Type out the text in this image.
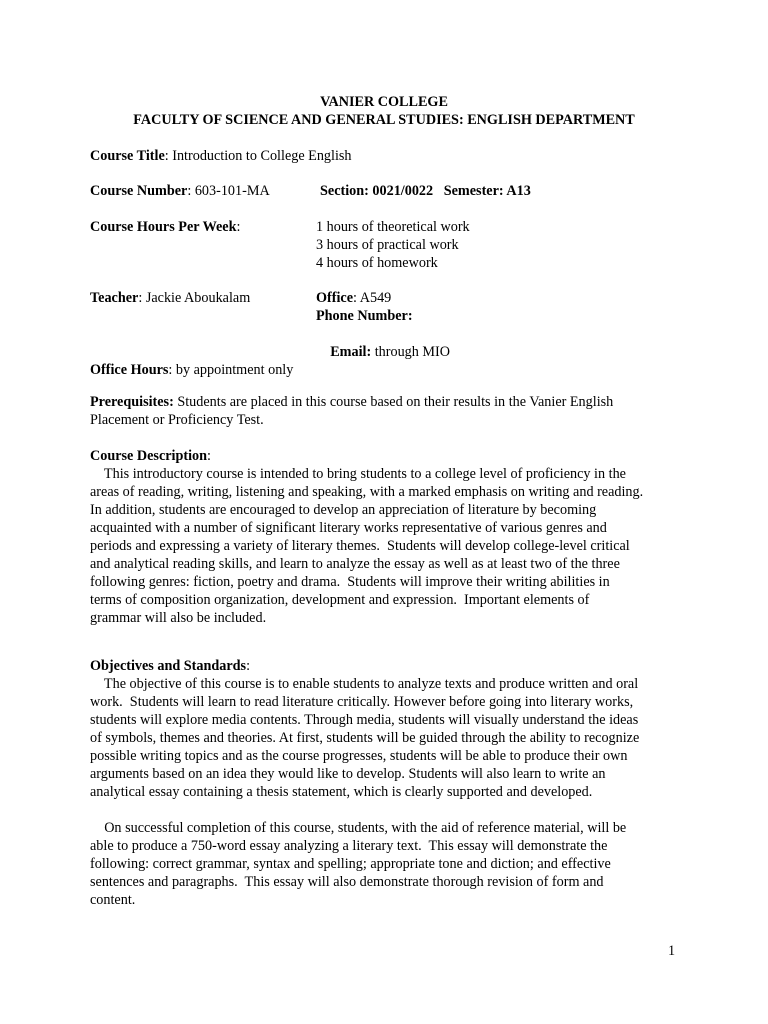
VANIER COLLEGE
FACULTY OF SCIENCE AND GENERAL STUDIES: ENGLISH DEPARTMENT
Course Title: Introduction to College English
Course Number: 603-101-MA	Section: 0021/0022   Semester: A13
Course Hours Per Week:	1 hours of theoretical work
3 hours of practical work
4 hours of homework
Teacher: Jackie Aboukalam	Office: A549
Phone Number:

Email: through MIO

Office Hours: by appointment only
Prerequisites: Students are placed in this course based on their results in the Vanier English
Placement or Proficiency Test.
Course Description:
This introductory course is intended to bring students to a college level of proficiency in the
areas of reading, writing, listening and speaking, with a marked emphasis on writing and reading.
In addition, students are encouraged to develop an appreciation of literature by becoming
acquainted with a number of significant literary works representative of various genres and
periods and expressing a variety of literary themes.  Students will develop college-level critical
and analytical reading skills, and learn to analyze the essay as well as at least two of the three
following genres: fiction, poetry and drama.  Students will improve their writing abilities in
terms of composition organization, development and expression.  Important elements of
grammar will also be included.
Objectives and Standards:
The objective of this course is to enable students to analyze texts and produce written and oral
work.  Students will learn to read literature critically. However before going into literary works,
students will explore media contents. Through media, students will visually understand the ideas
of symbols, themes and theories. At first, students will be guided through the ability to recognize
possible writing topics and as the course progresses, students will be able to produce their own
arguments based on an idea they would like to develop. Students will also learn to write an
analytical essay containing a thesis statement, which is clearly supported and developed.
On successful completion of this course, students, with the aid of reference material, will be
able to produce a 750-word essay analyzing a literary text.  This essay will demonstrate the
following: correct grammar, syntax and spelling; appropriate tone and diction; and effective
sentences and paragraphs.  This essay will also demonstrate thorough revision of form and
content.
1
